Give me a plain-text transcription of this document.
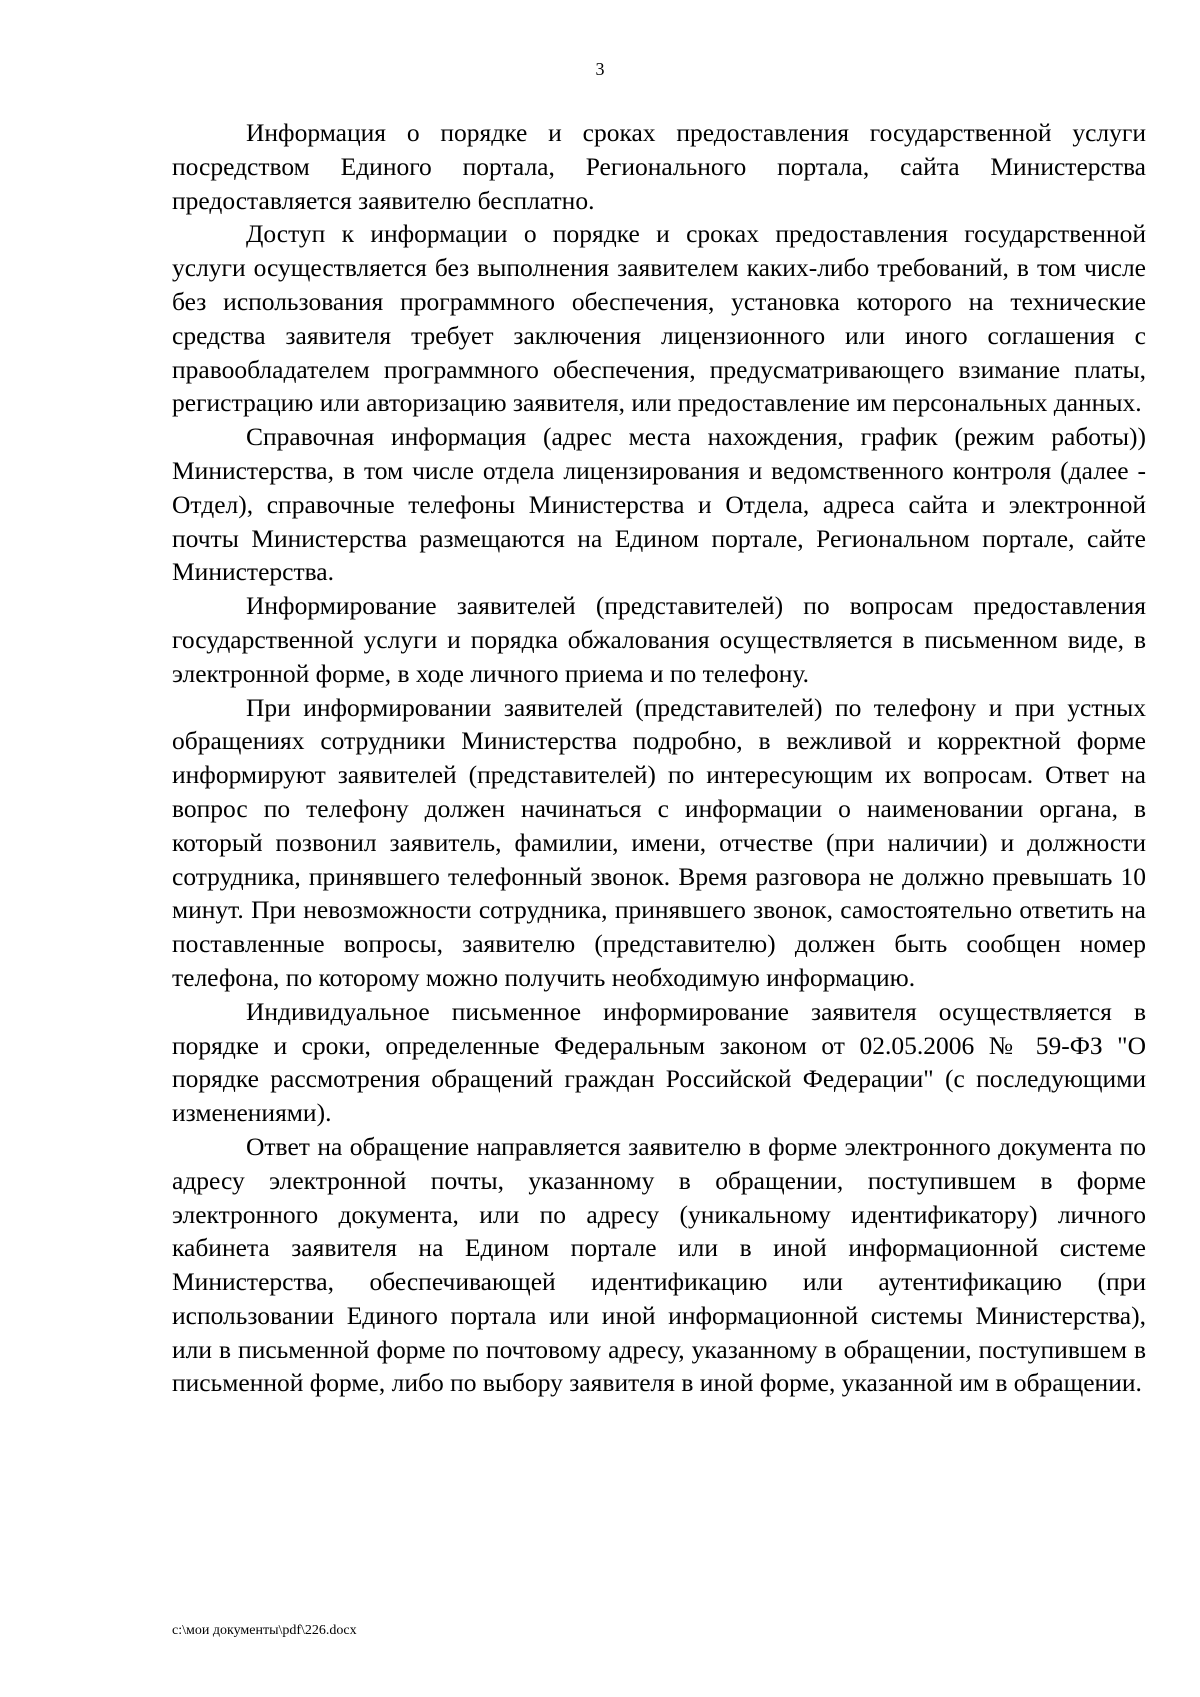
3

Информация о порядке и сроках предоставления государственной услуги посредством Единого портала, Регионального портала, сайта Министерства предоставляется заявителю бесплатно.

Доступ к информации о порядке и сроках предоставления государственной услуги осуществляется без выполнения заявителем каких-либо требований, в том числе без использования программного обеспечения, установка которого на технические средства заявителя требует заключения лицензионного или иного соглашения с правообладателем программного обеспечения, предусматривающего взимание платы, регистрацию или авторизацию заявителя, или предоставление им персональных данных.

Справочная информация (адрес места нахождения, график (режим работы)) Министерства, в том числе отдела лицензирования и ведомственного контроля (далее - Отдел), справочные телефоны Министерства и Отдела, адреса сайта и электронной почты Министерства размещаются на Едином портале, Региональном портале, сайте Министерства.

Информирование заявителей (представителей) по вопросам предоставления государственной услуги и порядка обжалования осуществляется в письменном виде, в электронной форме, в ходе личного приема и по телефону.

При информировании заявителей (представителей) по телефону и при устных обращениях сотрудники Министерства подробно, в вежливой и корректной форме информируют заявителей (представителей) по интересующим их вопросам. Ответ на вопрос по телефону должен начинаться с информации о наименовании органа, в который позвонил заявитель, фамилии, имени, отчестве (при наличии) и должности сотрудника, принявшего телефонный звонок. Время разговора не должно превышать 10 минут. При невозможности сотрудника, принявшего звонок, самостоятельно ответить на поставленные вопросы, заявителю (представителю) должен быть сообщен номер телефона, по которому можно получить необходимую информацию.

Индивидуальное письменное информирование заявителя осуществляется в порядке и сроки, определенные Федеральным законом от 02.05.2006 № 59-ФЗ "О порядке рассмотрения обращений граждан Российской Федерации" (с последующими изменениями).

Ответ на обращение направляется заявителю в форме электронного документа по адресу электронной почты, указанному в обращении, поступившем в форме электронного документа, или по адресу (уникальному идентификатору) личного кабинета заявителя на Едином портале или в иной информационной системе Министерства, обеспечивающей идентификацию или аутентификацию (при использовании Единого портала или иной информационной системы Министерства), или в письменной форме по почтовому адресу, указанному в обращении, поступившем в письменной форме, либо по выбору заявителя в иной форме, указанной им в обращении.

c:\мои документы\pdf\226.docx
